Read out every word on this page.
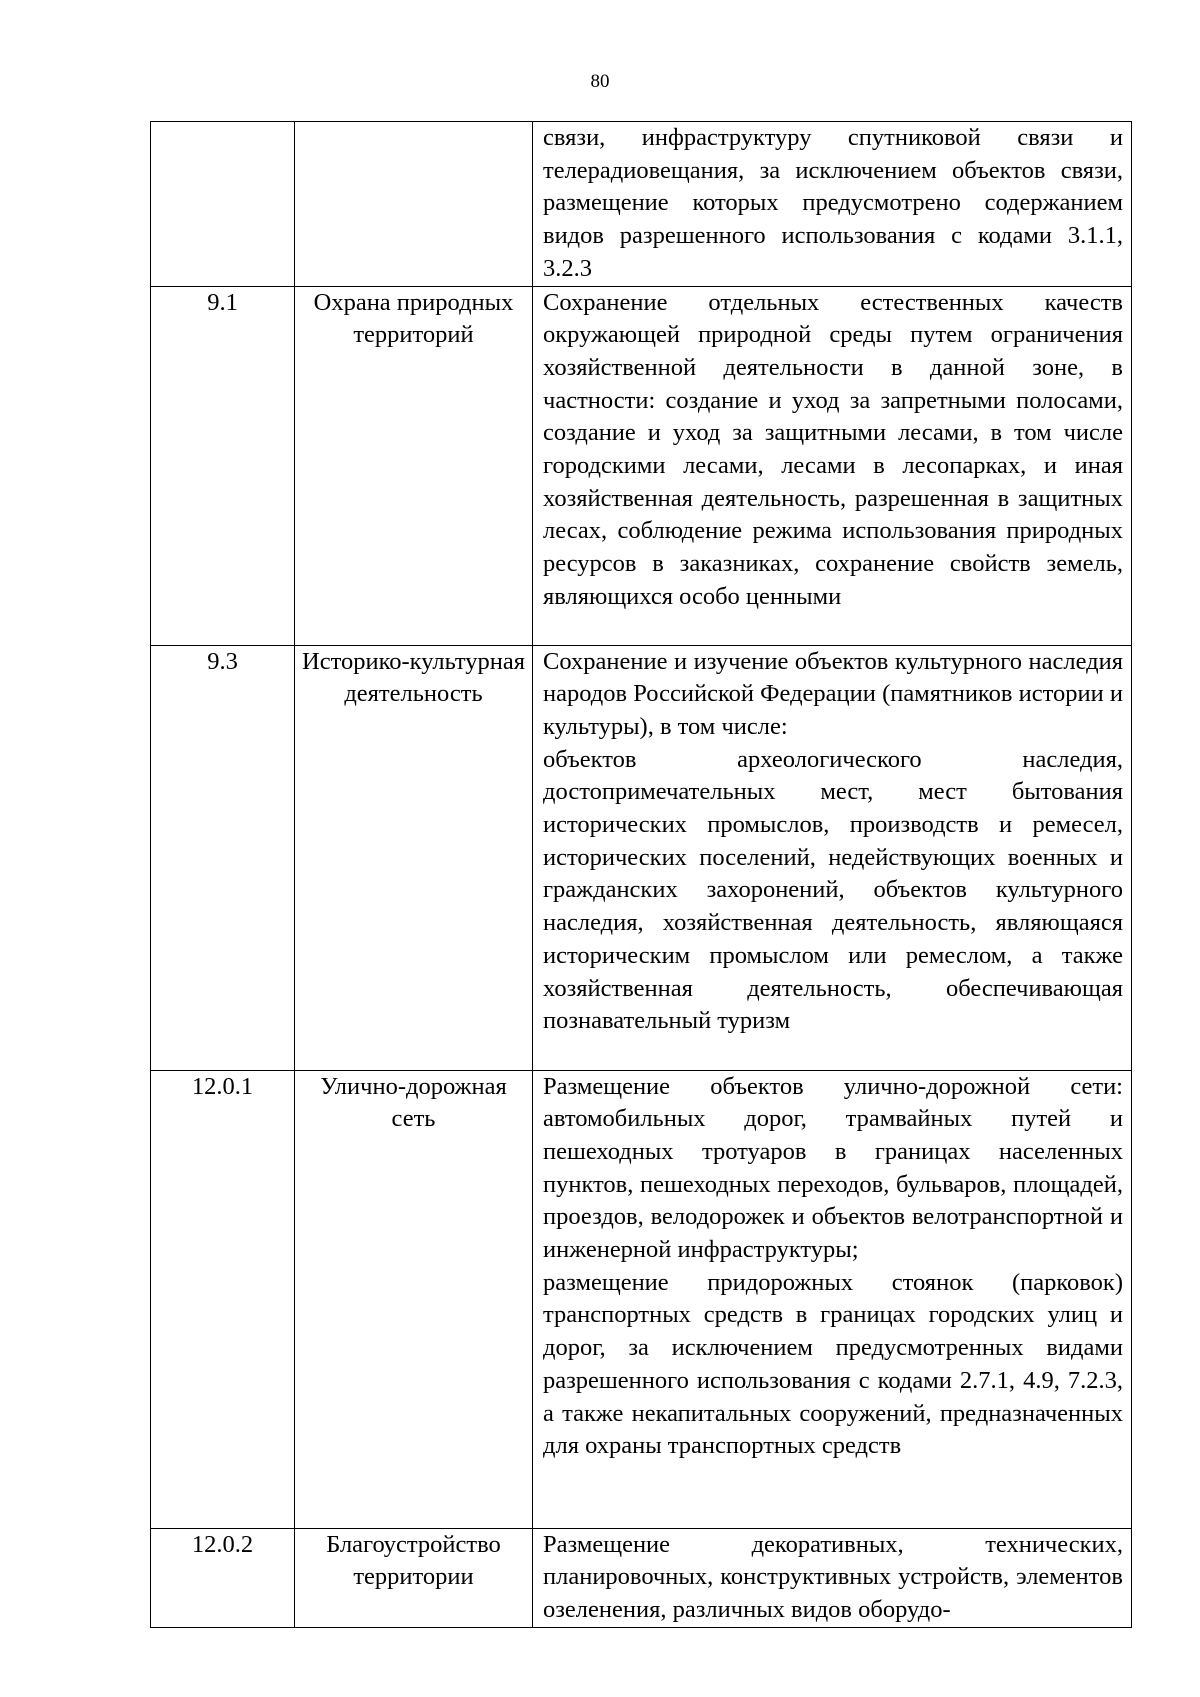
80

		связи, инфраструктуру спутниковой связи и телерадиовещания, за исключением объектов связи, размещение которых предусмотрено содержанием видов разрешенного использования с кодами 3.1.1, 3.2.3

9.1	Охрана природных территорий	Сохранение отдельных естественных качеств окружающей природной среды путем ограничения хозяйственной деятельности в данной зоне, в частности: создание и уход за запретными полосами, создание и уход за защитными лесами, в том числе городскими лесами, лесами в лесопарках, и иная хозяйственная деятельность, разрешенная в защитных лесах, соблюдение режима использования природных ресурсов в заказниках, сохранение свойств земель, являющихся особо ценными

9.3	Историко-культурная деятельность	Сохранение и изучение объектов культурного наследия народов Российской Федерации (памятников истории и культуры), в том числе:
объектов археологического наследия, достопримечательных мест, мест бытования исторических промыслов, производств и ремесел, исторических поселений, недействующих военных и гражданских захоронений, объектов культурного наследия, хозяйственная деятельность, являющаяся историческим промыслом или ремеслом, а также хозяйственная деятельность, обеспечивающая познавательный туризм

12.0.1	Улично-дорожная сеть	Размещение объектов улично-дорожной сети: автомобильных дорог, трамвайных путей и пешеходных тротуаров в границах населенных пунктов, пешеходных переходов, бульваров, площадей, проездов, велодорожек и объектов велотранспортной и инженерной инфраструктуры;
размещение придорожных стоянок (парковок) транспортных средств в границах городских улиц и дорог, за исключением предусмотренных видами разрешенного использования с кодами 2.7.1, 4.9, 7.2.3, а также некапитальных сооружений, предназначенных для охраны транспортных средств

12.0.2	Благоустройство территории	Размещение декоративных, технических, планировочных, конструктивных устройств, элементов озеленения, различных видов оборудо-
